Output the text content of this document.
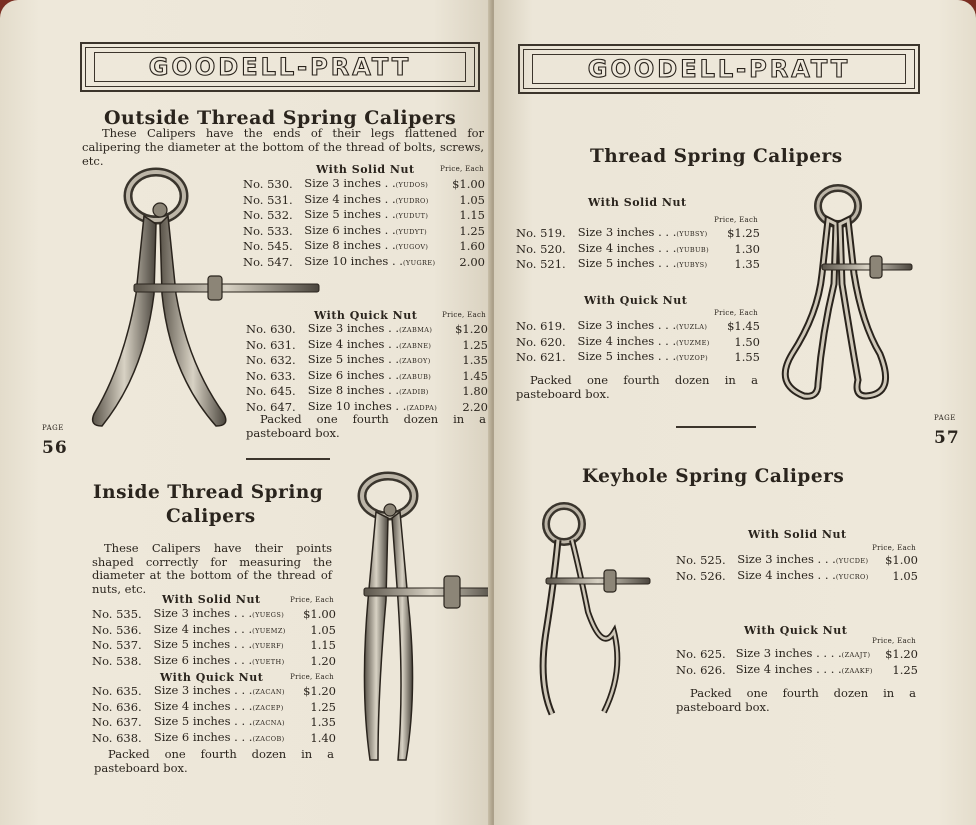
GOODELL-PRATT
Outside Thread Spring Calipers
These Calipers have the ends of their legs flattened for calipering the diameter at the bottom of the thread of bolts, screws, etc.
With Solid Nut	Price, Each
No. 530.	Size 3 inches . .(YUDOS)	$1.00
No. 531.	Size 4 inches . .(YUDRO)	1.05
No. 532.	Size 5 inches . .(YUDUT)	1.15
No. 533.	Size 6 inches . .(YUDYT)	1.25
No. 545.	Size 8 inches . .(YUGOV)	1.60
No. 547.	Size 10 inches . .(YUGRE)	2.00
With Quick Nut	Price, Each
No. 630.	Size 3 inches . .(ZABMA)	$1.20
No. 631.	Size 4 inches . .(ZABNE)	1.25
No. 632.	Size 5 inches . .(ZABOY)	1.35
No. 633.	Size 6 inches . .(ZABUB)	1.45
No. 645.	Size 8 inches . .(ZADIB)	1.80
No. 647.	Size 10 inches . .(ZADPA)	2.20
Packed one fourth dozen in a pasteboard box.
PAGE
56
Inside Thread Spring
Calipers
These Calipers have their points shaped correctly for measuring the diameter at the bottom of the thread of nuts, etc.
With Solid Nut	Price, Each
No. 535.	Size 3 inches . . .(YUEGS)	$1.00
No. 536.	Size 4 inches . . .(YUEMZ)	1.05
No. 537.	Size 5 inches . . .(YUERF)	1.15
No. 538.	Size 6 inches . . .(YUETH)	1.20
With Quick Nut	Price, Each
No. 635.	Size 3 inches . . .(ZACAN)	$1.20
No. 636.	Size 4 inches . . .(ZACEP)	1.25
No. 637.	Size 5 inches . . .(ZACNA)	1.35
No. 638.	Size 6 inches . . .(ZACOB)	1.40
Packed one fourth dozen in a pasteboard box.
GOODELL-PRATT
Thread Spring Calipers
With Solid Nut
Price, Each
No. 519.	Size 3 inches . . .(YUBSY)	$1.25
No. 520.	Size 4 inches . . .(YUBUB)	1.30
No. 521.	Size 5 inches . . .(YUBYS)	1.35
With Quick Nut
Price, Each
No. 619.	Size 3 inches . . .(YUZLA)	$1.45
No. 620.	Size 4 inches . . .(YUZME)	1.50
No. 621.	Size 5 inches . . .(YUZOP)	1.55
Packed one fourth dozen in a pasteboard box.
PAGE
57
Keyhole Spring Calipers
With Solid Nut
Price, Each
No. 525.	Size 3 inches . . .(YUCDE)	$1.00
No. 526.	Size 4 inches . . .(YUCRO)	1.05
With Quick Nut
Price, Each
No. 625.	Size 3 inches . . . .(ZAAJT)	$1.20
No. 626.	Size 4 inches . . . .(ZAAKF)	1.25
Packed one fourth dozen in a pasteboard box.
